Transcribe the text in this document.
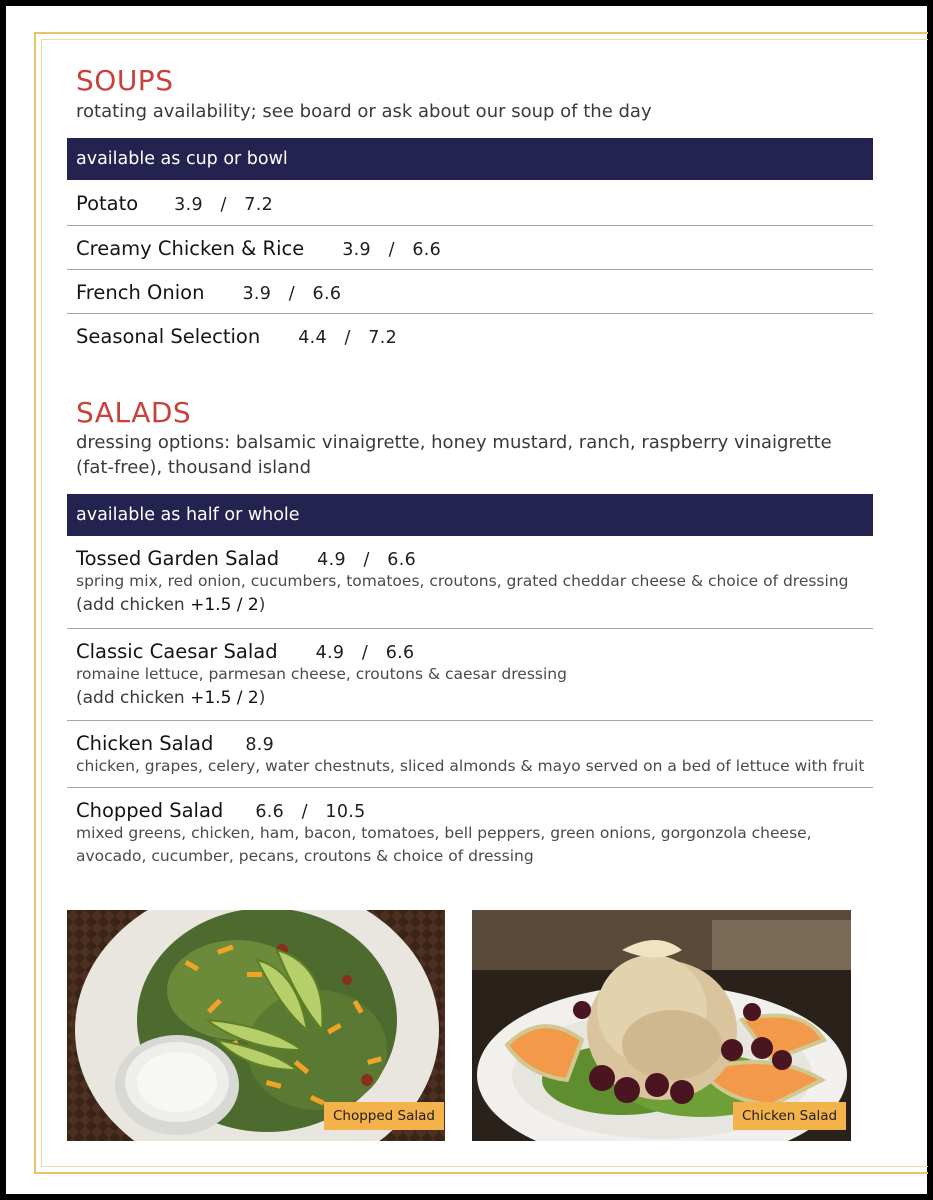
SOUPS
rotating availability; see board or ask about our soup of the day
available as cup or bowl
Potato 3.9   /   7.2
Creamy Chicken & Rice 3.9   /   6.6
French Onion 3.9   /   6.6
Seasonal Selection 4.4   /   7.2
SALADS
dressing options: balsamic vinaigrette, honey mustard, ranch, raspberry vinaigrette (fat-free), thousand island
available as half or whole
Tossed Garden Salad 4.9   /   6.6
spring mix, red onion, cucumbers, tomatoes, croutons, grated cheddar cheese & choice of dressing
(add chicken +1.5 / 2)
Classic Caesar Salad 4.9   /   6.6
romaine lettuce, parmesan cheese, croutons & caesar dressing
(add chicken +1.5 / 2)
Chicken Salad 8.9
chicken, grapes, celery, water chestnuts, sliced almonds & mayo served on a bed of lettuce with fruit
Chopped Salad 6.6   /   10.5
mixed greens, chicken, ham, bacon, tomatoes, bell peppers, green onions, gorgonzola cheese, avocado, cucumber, pecans, croutons & choice of dressing
Chopped Salad	Chicken Salad
